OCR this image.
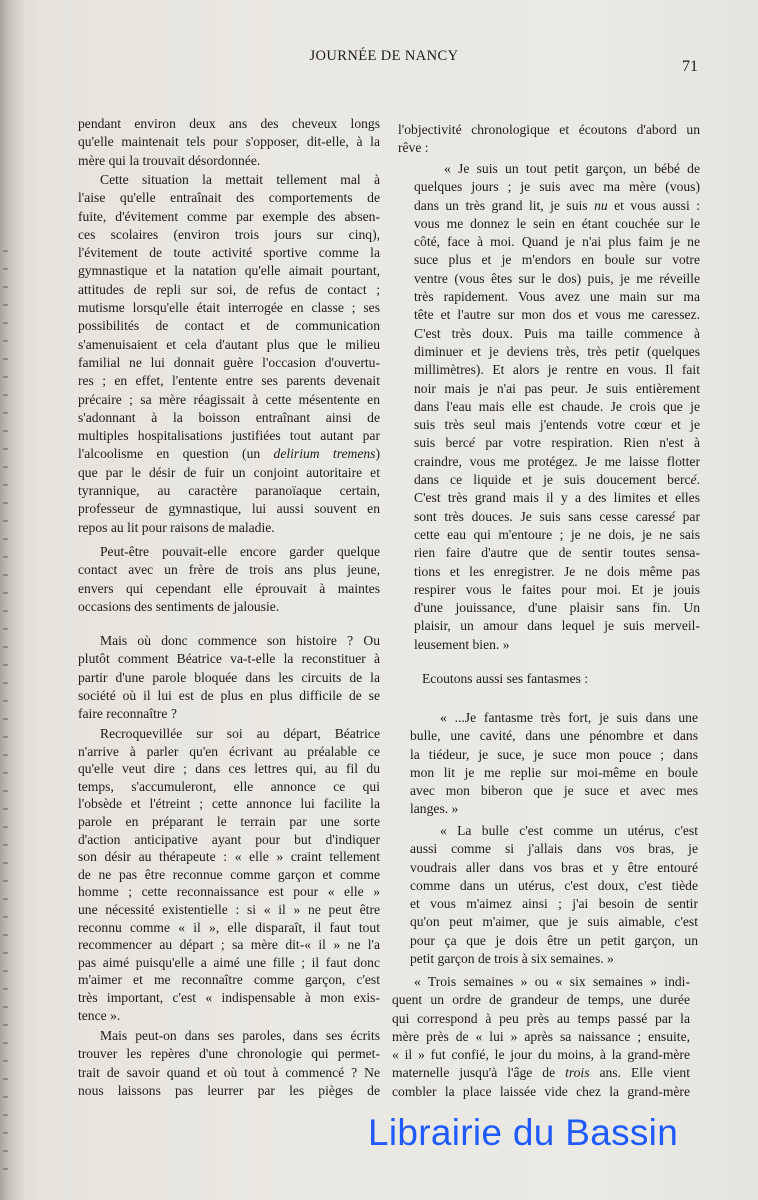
JOURNÉE DE NANCY
71
pendant environ deux ans des cheveux longs
qu'elle maintenait tels pour s'opposer, dit-elle, à la
mère qui la trouvait désordonnée.
Cette situation la mettait tellement mal à
l'aise qu'elle entraînait des comportements de
fuite, d'évitement comme par exemple des absen-
ces scolaires (environ trois jours sur cinq),
l'évitement de toute activité sportive comme la
gymnastique et la natation qu'elle aimait pourtant,
attitudes de repli sur soi, de refus de contact ;
mutisme lorsqu'elle était interrogée en classe ; ses
possibilités de contact et de communication
s'amenuisaient et cela d'autant plus que le milieu
familial ne lui donnait guère l'occasion d'ouvertu-
res ; en effet, l'entente entre ses parents devenait
précaire ; sa mère réagissait à cette mésentente en
s'adonnant à la boisson entraînant ainsi de
multiples hospitalisations justifiées tout autant par
l'alcoolisme en question (un delirium tremens)
que par le désir de fuir un conjoint autoritaire et
tyrannique, au caractère paranoïaque certain,
professeur de gymnastique, lui aussi souvent en
repos au lit pour raisons de maladie.
Peut-être pouvait-elle encore garder quelque
contact avec un frère de trois ans plus jeune,
envers qui cependant elle éprouvait à maintes
occasions des sentiments de jalousie.
Mais où donc commence son histoire ? Ou
plutôt comment Béatrice va-t-elle la reconstituer à
partir d'une parole bloquée dans les circuits de la
société où il lui est de plus en plus difficile de se
faire reconnaître ?
Recroquevillée sur soi au départ, Béatrice
n'arrive à parler qu'en écrivant au préalable ce
qu'elle veut dire ; dans ces lettres qui, au fil du
temps, s'accumuleront, elle annonce ce qui
l'obsède et l'étreint ; cette annonce lui facilite la
parole en préparant le terrain par une sorte
d'action anticipative ayant pour but d'indiquer
son désir au thérapeute : « elle » craint tellement
de ne pas être reconnue comme garçon et comme
homme ; cette reconnaissance est pour « elle »
une nécessité existentielle : si « il » ne peut être
reconnu comme « il », elle disparaît, il faut tout
recommencer au départ ; sa mère dit-« il » ne l'a
pas aimé puisqu'elle a aimé une fille ; il faut donc
m'aimer et me reconnaître comme garçon, c'est
très important, c'est « indispensable à mon exis-
tence ».
Mais peut-on dans ses paroles, dans ses écrits
trouver les repères d'une chronologie qui permet-
trait de savoir quand et où tout à commencé ? Ne
nous laissons pas leurrer par les pièges de
l'objectivité chronologique et écoutons d'abord un
rêve :
« Je suis un tout petit garçon, un bébé de
quelques jours ; je suis avec ma mère (vous)
dans un très grand lit, je suis nu et vous aussi :
vous me donnez le sein en étant couchée sur le
côté, face à moi. Quand je n'ai plus faim je ne
suce plus et je m'endors en boule sur votre
ventre (vous êtes sur le dos) puis, je me réveille
très rapidement. Vous avez une main sur ma
tête et l'autre sur mon dos et vous me caressez.
C'est très doux. Puis ma taille commence à
diminuer et je deviens très, très petit (quelques
millimètres). Et alors je rentre en vous. Il fait
noir mais je n'ai pas peur. Je suis entièrement
dans l'eau mais elle est chaude. Je crois que je
suis très seul mais j'entends votre cœur et je
suis bercé par votre respiration. Rien n'est à
craindre, vous me protégez. Je me laisse flotter
dans ce liquide et je suis doucement bercé.
C'est très grand mais il y a des limites et elles
sont très douces. Je suis sans cesse caressé par
cette eau qui m'entoure ; je ne dois, je ne sais
rien faire d'autre que de sentir toutes sensa-
tions et les enregistrer. Je ne dois même pas
respirer vous le faites pour moi. Et je jouis
d'une jouissance, d'une plaisir sans fin. Un
plaisir, un amour dans lequel je suis merveil-
leusement bien. »
Ecoutons aussi ses fantasmes :
« ...Je fantasme très fort, je suis dans une
bulle, une cavité, dans une pénombre et dans
la tiédeur, je suce, je suce mon pouce ; dans
mon lit je me replie sur moi-même en boule
avec mon biberon que je suce et avec mes
langes. »
« La bulle c'est comme un utérus, c'est
aussi comme si j'allais dans vos bras, je
voudrais aller dans vos bras et y être entouré
comme dans un utérus, c'est doux, c'est tiède
et vous m'aimez ainsi ; j'ai besoin de sentir
qu'on peut m'aimer, que je suis aimable, c'est
pour ça que je dois être un petit garçon, un
petit garçon de trois à six semaines. »
« Trois semaines » ou « six semaines » indi-
quent un ordre de grandeur de temps, une durée
qui correspond à peu près au temps passé par la
mère près de « lui » après sa naissance ; ensuite,
« il » fut confié, le jour du moins, à la grand-mère
maternelle jusqu'à l'âge de trois ans. Elle vient
combler la place laissée vide chez la grand-mère
Librairie du Bassin
